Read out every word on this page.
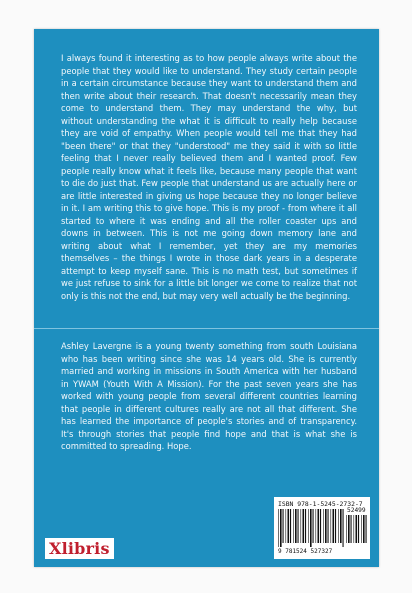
I always found it interesting as to how people always write about the people that they would like to understand. They study certain people in a certain circumstance because they want to understand them and then write about their research. That doesn't necessarily mean they come to understand them. They may understand the why, but without understanding the what it is difficult to really help because they are void of empathy. When people would tell me that they had "been there" or that they "understood" me they said it with so little feeling that I never really believed them and I wanted proof. Few people really know what it feels like, because many people that want to die do just that. Few people that understand us are actually here or are little interested in giving us hope because they no longer believe in it. I am writing this to give hope. This is my proof - from where it all started to where it was ending and all the roller coaster ups and downs in between. This is not me going down memory lane and writing about what I remember, yet they are my memories themselves – the things I wrote in those dark years in a desperate attempt to keep myself sane. This is no math test, but sometimes if we just refuse to sink for a little bit longer we come to realize that not only is this not the end, but may very well actually be the beginning.
Ashley Lavergne is a young twenty something from south Louisiana who has been writing since she was 14 years old. She is currently married and working in missions in South America with her husband in YWAM (Youth With A Mission). For the past seven years she has worked with young people from several different countries learning that people in different cultures really are not all that different. She has learned the importance of people's stories and of transparency. It's through stories that people find hope and that is what she is committed to spreading. Hope.
Xlibris
ISBN 978-1-5245-2732-7
52499
9 781524 527327
